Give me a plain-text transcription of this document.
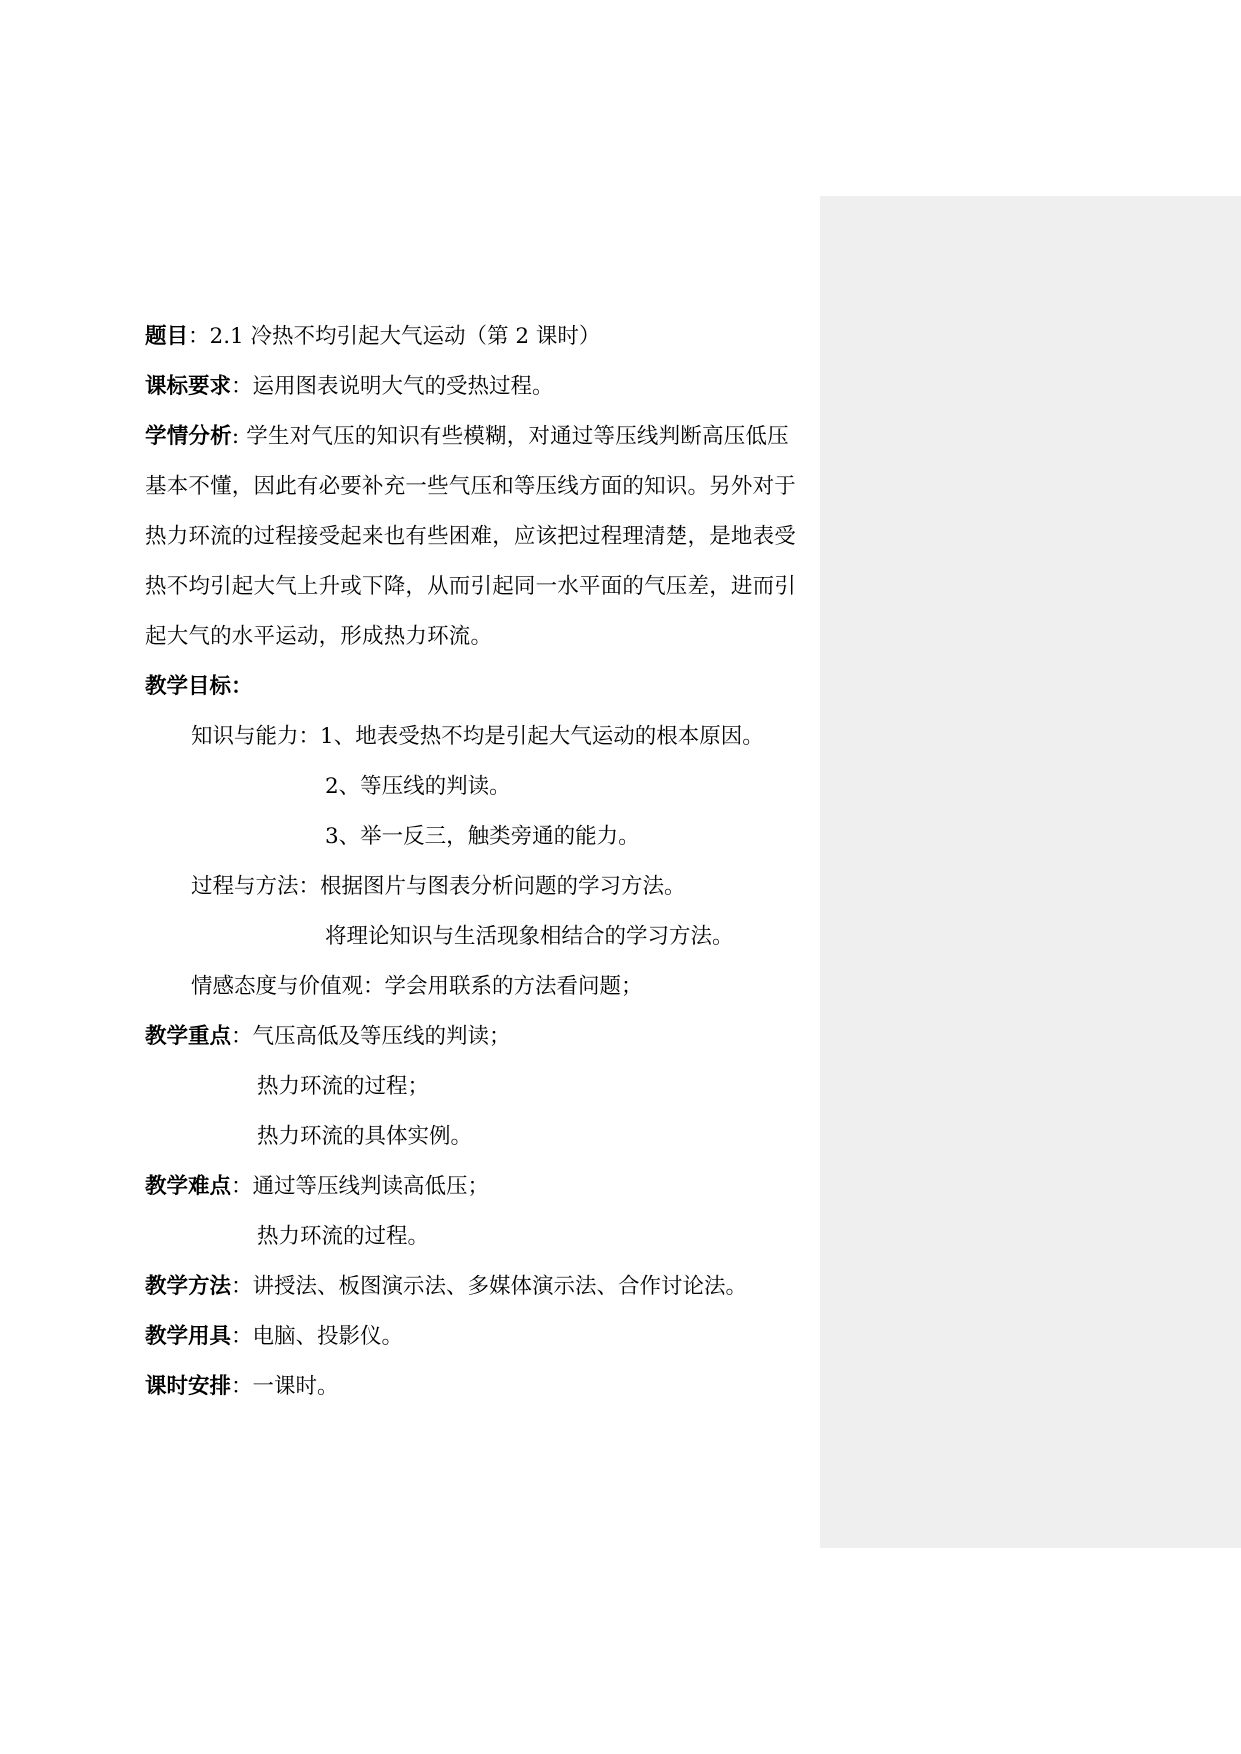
题目：2.1 冷热不均引起大气运动（第 2 课时）
课标要求：运用图表说明大气的受热过程。
学情分析: 学生对气压的知识有些模糊，对通过等压线判断高压低压
基本不懂，因此有必要补充一些气压和等压线方面的知识。另外对于
热力环流的过程接受起来也有些困难，应该把过程理清楚，是地表受
热不均引起大气上升或下降，从而引起同一水平面的气压差，进而引
起大气的水平运动，形成热力环流。
教学目标：
知识与能力：1、地表受热不均是引起大气运动的根本原因。
2、等压线的判读。
3、举一反三，触类旁通的能力。
过程与方法：根据图片与图表分析问题的学习方法。
将理论知识与生活现象相结合的学习方法。
情感态度与价值观：学会用联系的方法看问题；
教学重点：气压高低及等压线的判读；
热力环流的过程；
热力环流的具体实例。
教学难点：通过等压线判读高低压；
热力环流的过程。
教学方法：讲授法、板图演示法、多媒体演示法、合作讨论法。
教学用具：电脑、投影仪。
课时安排：一课时。
